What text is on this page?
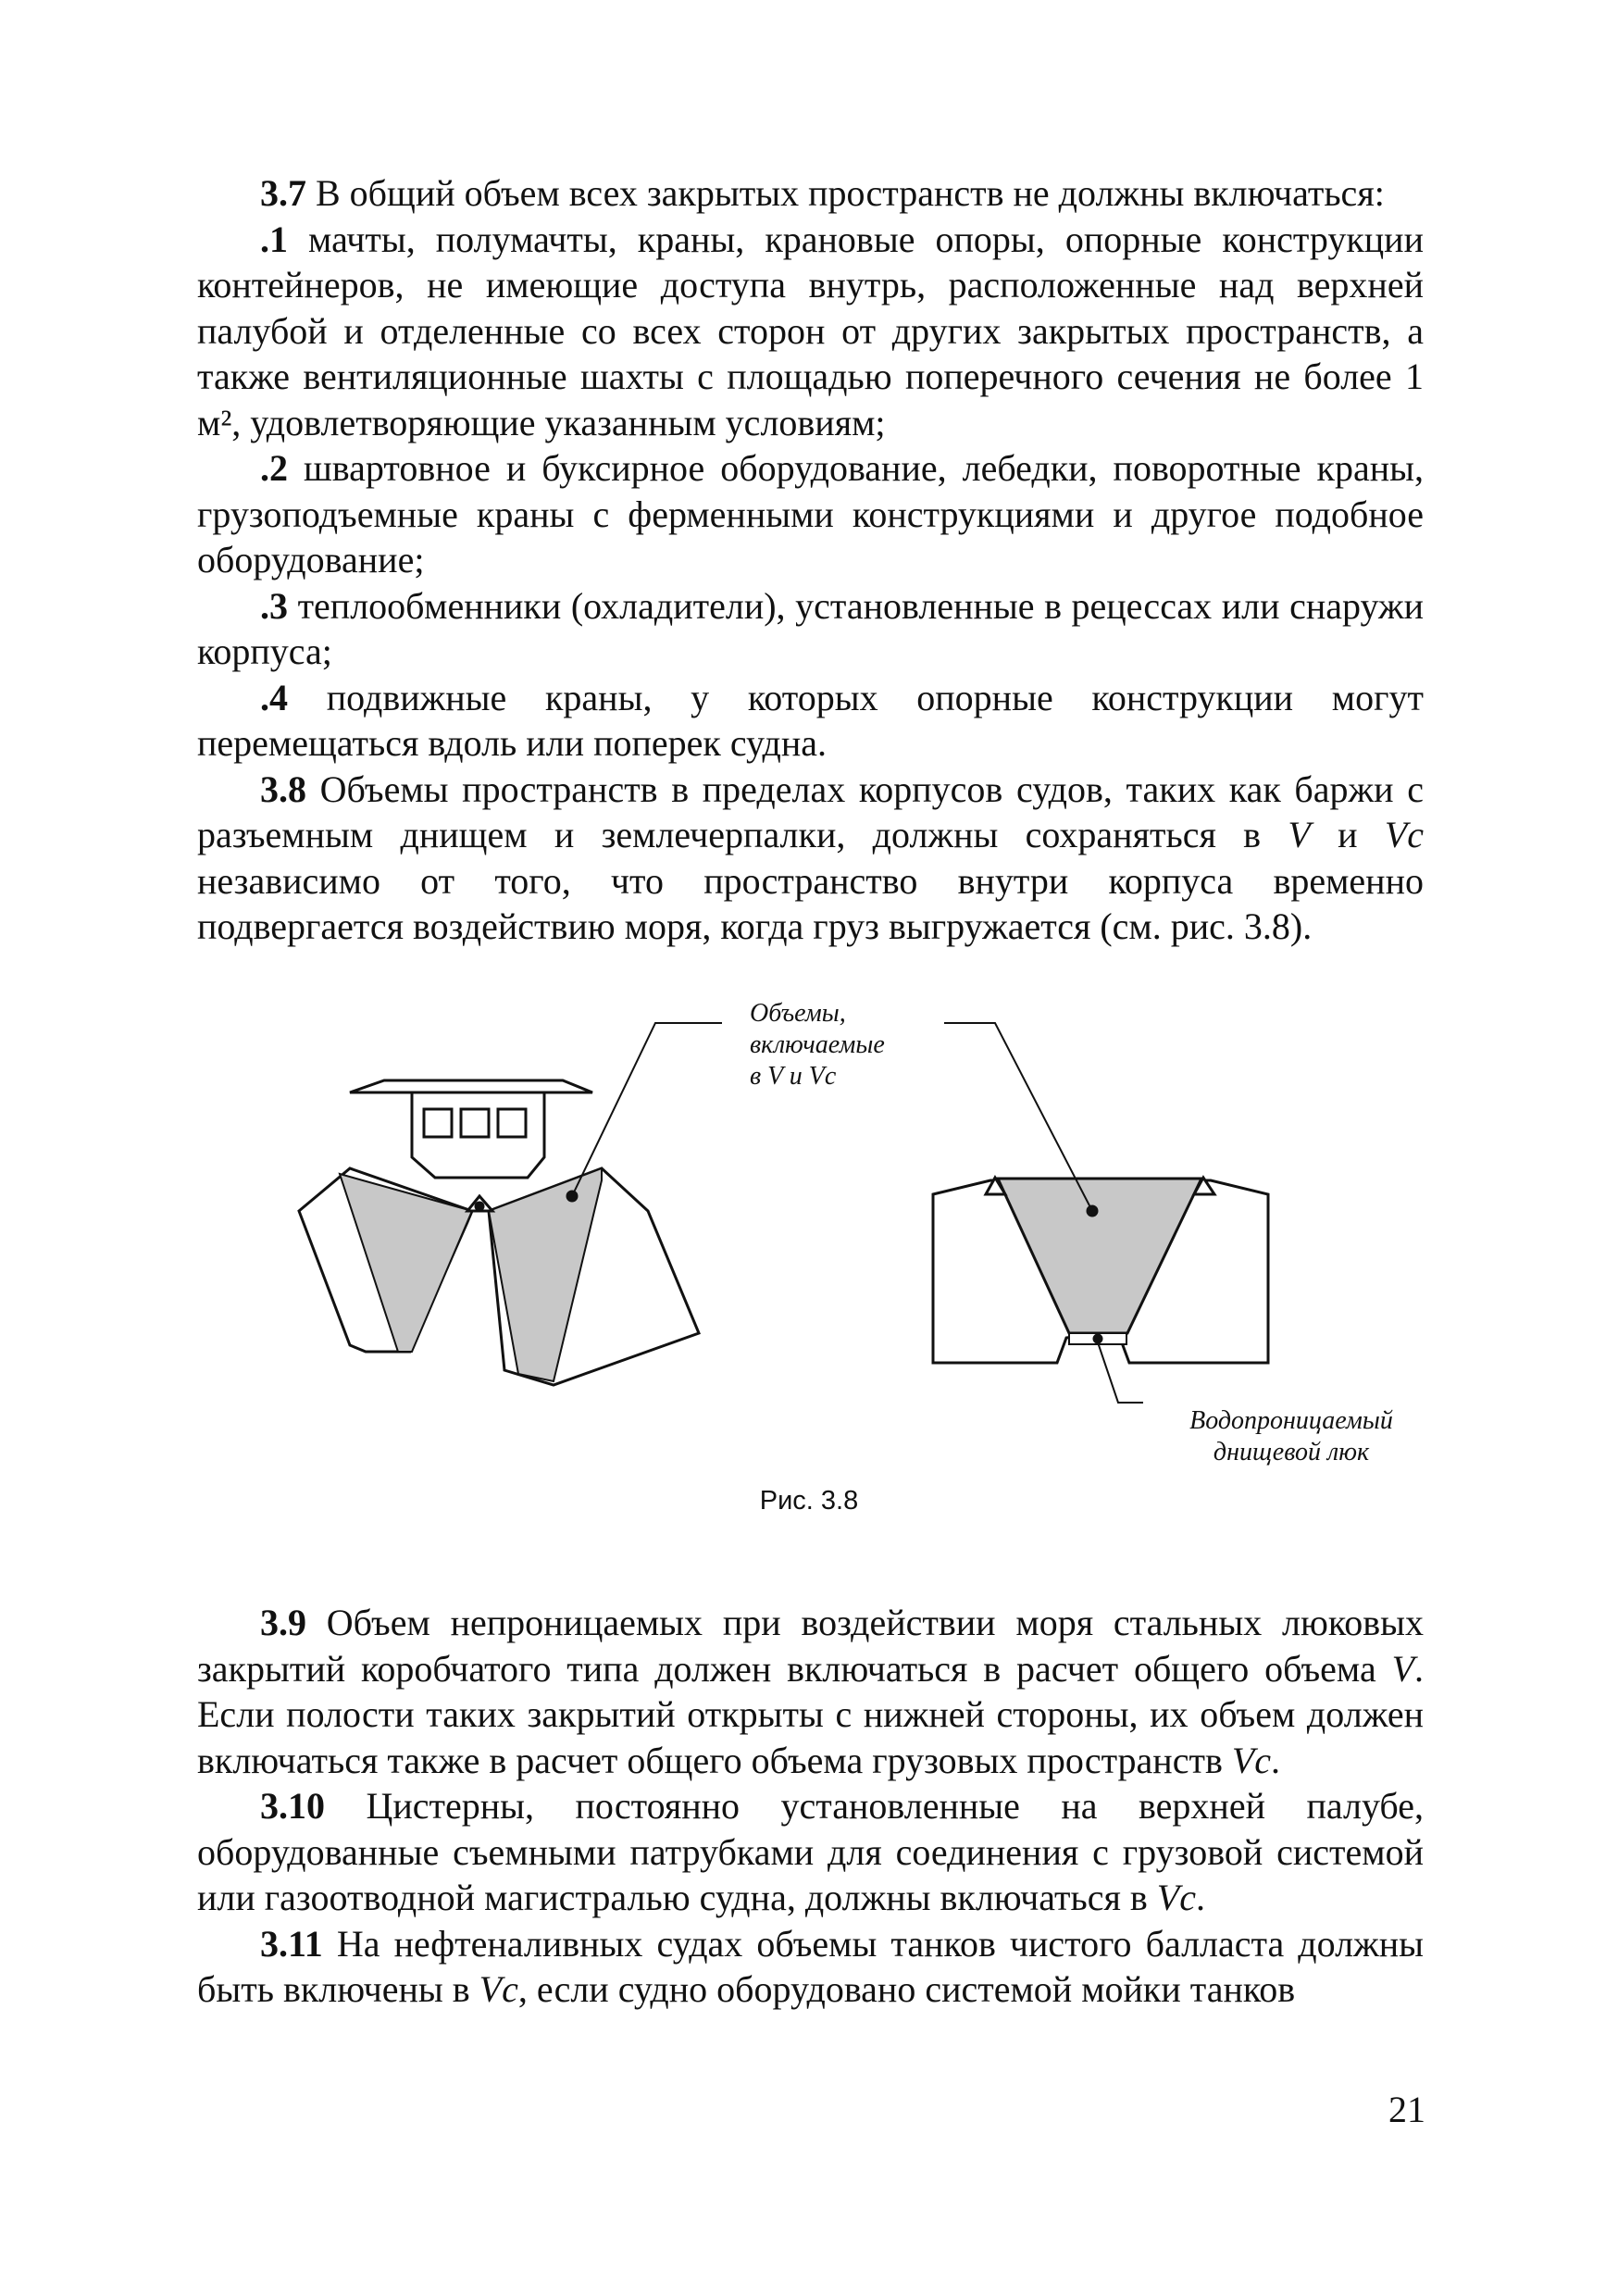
3.7 В общий объем всех закрытых пространств не должны включаться:

.1 мачты, полумачты, краны, крановые опоры, опорные конструкции контейнеров, не имеющие доступа внутрь, расположенные над верхней палубой и отделенные со всех сторон от других закрытых пространств, а также вентиляционные шахты с площадью поперечного сечения не более 1 м², удовлетворяющие указанным условиям;

.2 швартовное и буксирное оборудование, лебедки, поворотные краны, грузоподъемные краны с ферменными конструкциями и другое подобное оборудование;

.3 теплообменники (охладители), установленные в рецессах или снаружи корпуса;

.4 подвижные краны, у которых опорные конструкции могут перемещаться вдоль или поперек судна.

3.8 Объемы пространств в пределах корпусов судов, таких как баржи с разъемным днищем и землечерпалки, должны сохраняться в V и Vc независимо от того, что пространство внутри корпуса временно подвергается воздействию моря, когда груз выгружается (см. рис. 3.8).

Объемы,
включаемые
в V и Vc
Водопроницаемый
днищевой люк
Рис. 3.8

3.9 Объем непроницаемых при воздействии моря стальных люковых закрытий коробчатого типа должен включаться в расчет общего объема V. Если полости таких закрытий открыты с нижней стороны, их объем должен включаться также в расчет общего объема грузовых пространств Vc.

3.10 Цистерны, постоянно установленные на верхней палубе, оборудованные съемными патрубками для соединения с грузовой системой или газоотводной магистралью судна, должны включаться в Vc.

3.11 На нефтеналивных судах объемы танков чистого балласта должны быть включены в Vc, если судно оборудовано системой мойки танков

21
